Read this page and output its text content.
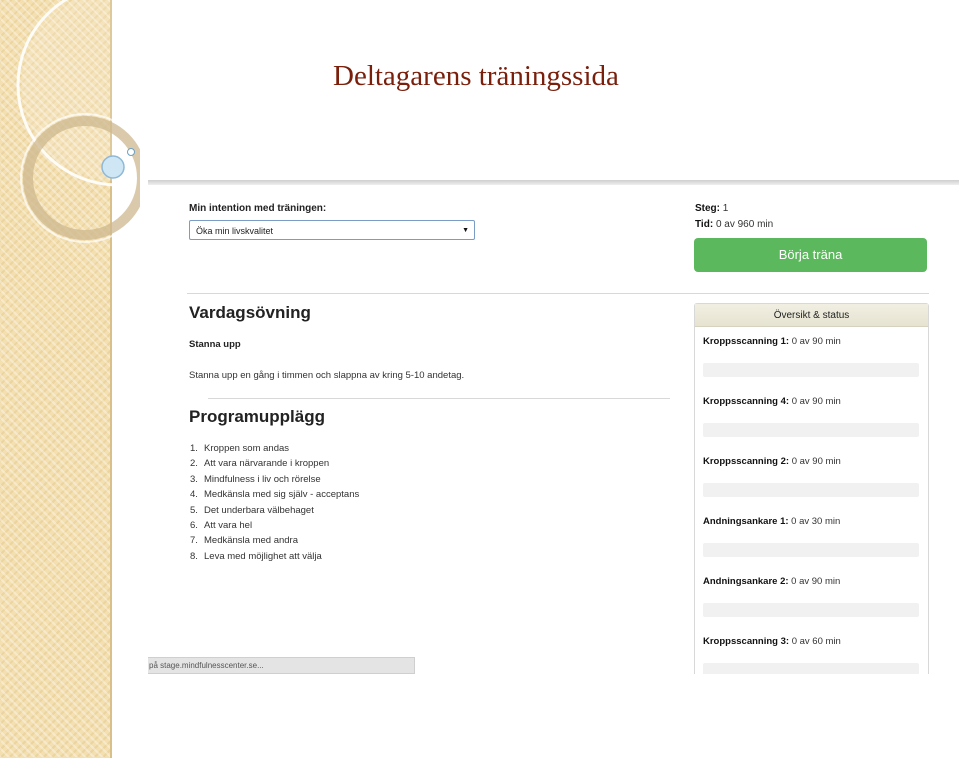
Deltagarens träningssida
Min intention med träningen:
Öka min livskvalitet	▼
Steg: 1
Tid: 0 av 960 min
Börja träna
Vardagsövning
Stanna upp
Stanna upp en gång i timmen och slappna av kring 5-10 andetag.
Programupplägg
1. Kroppen som andas
2. Att vara närvarande i kroppen
3. Mindfulness i liv och rörelse
4. Medkänsla med sig själv - acceptans
5. Det underbara välbehaget
6. Att vara hel
7. Medkänsla med andra
8. Leva med möjlighet att välja
Översikt & status
Kroppsscanning 1: 0 av 90 min
Kroppsscanning 4: 0 av 90 min
Kroppsscanning 2: 0 av 90 min
Andningsankare 1: 0 av 30 min
Andningsankare 2: 0 av 90 min
Kroppsscanning 3: 0 av 60 min
på stage.mindfulnesscenter.se...
